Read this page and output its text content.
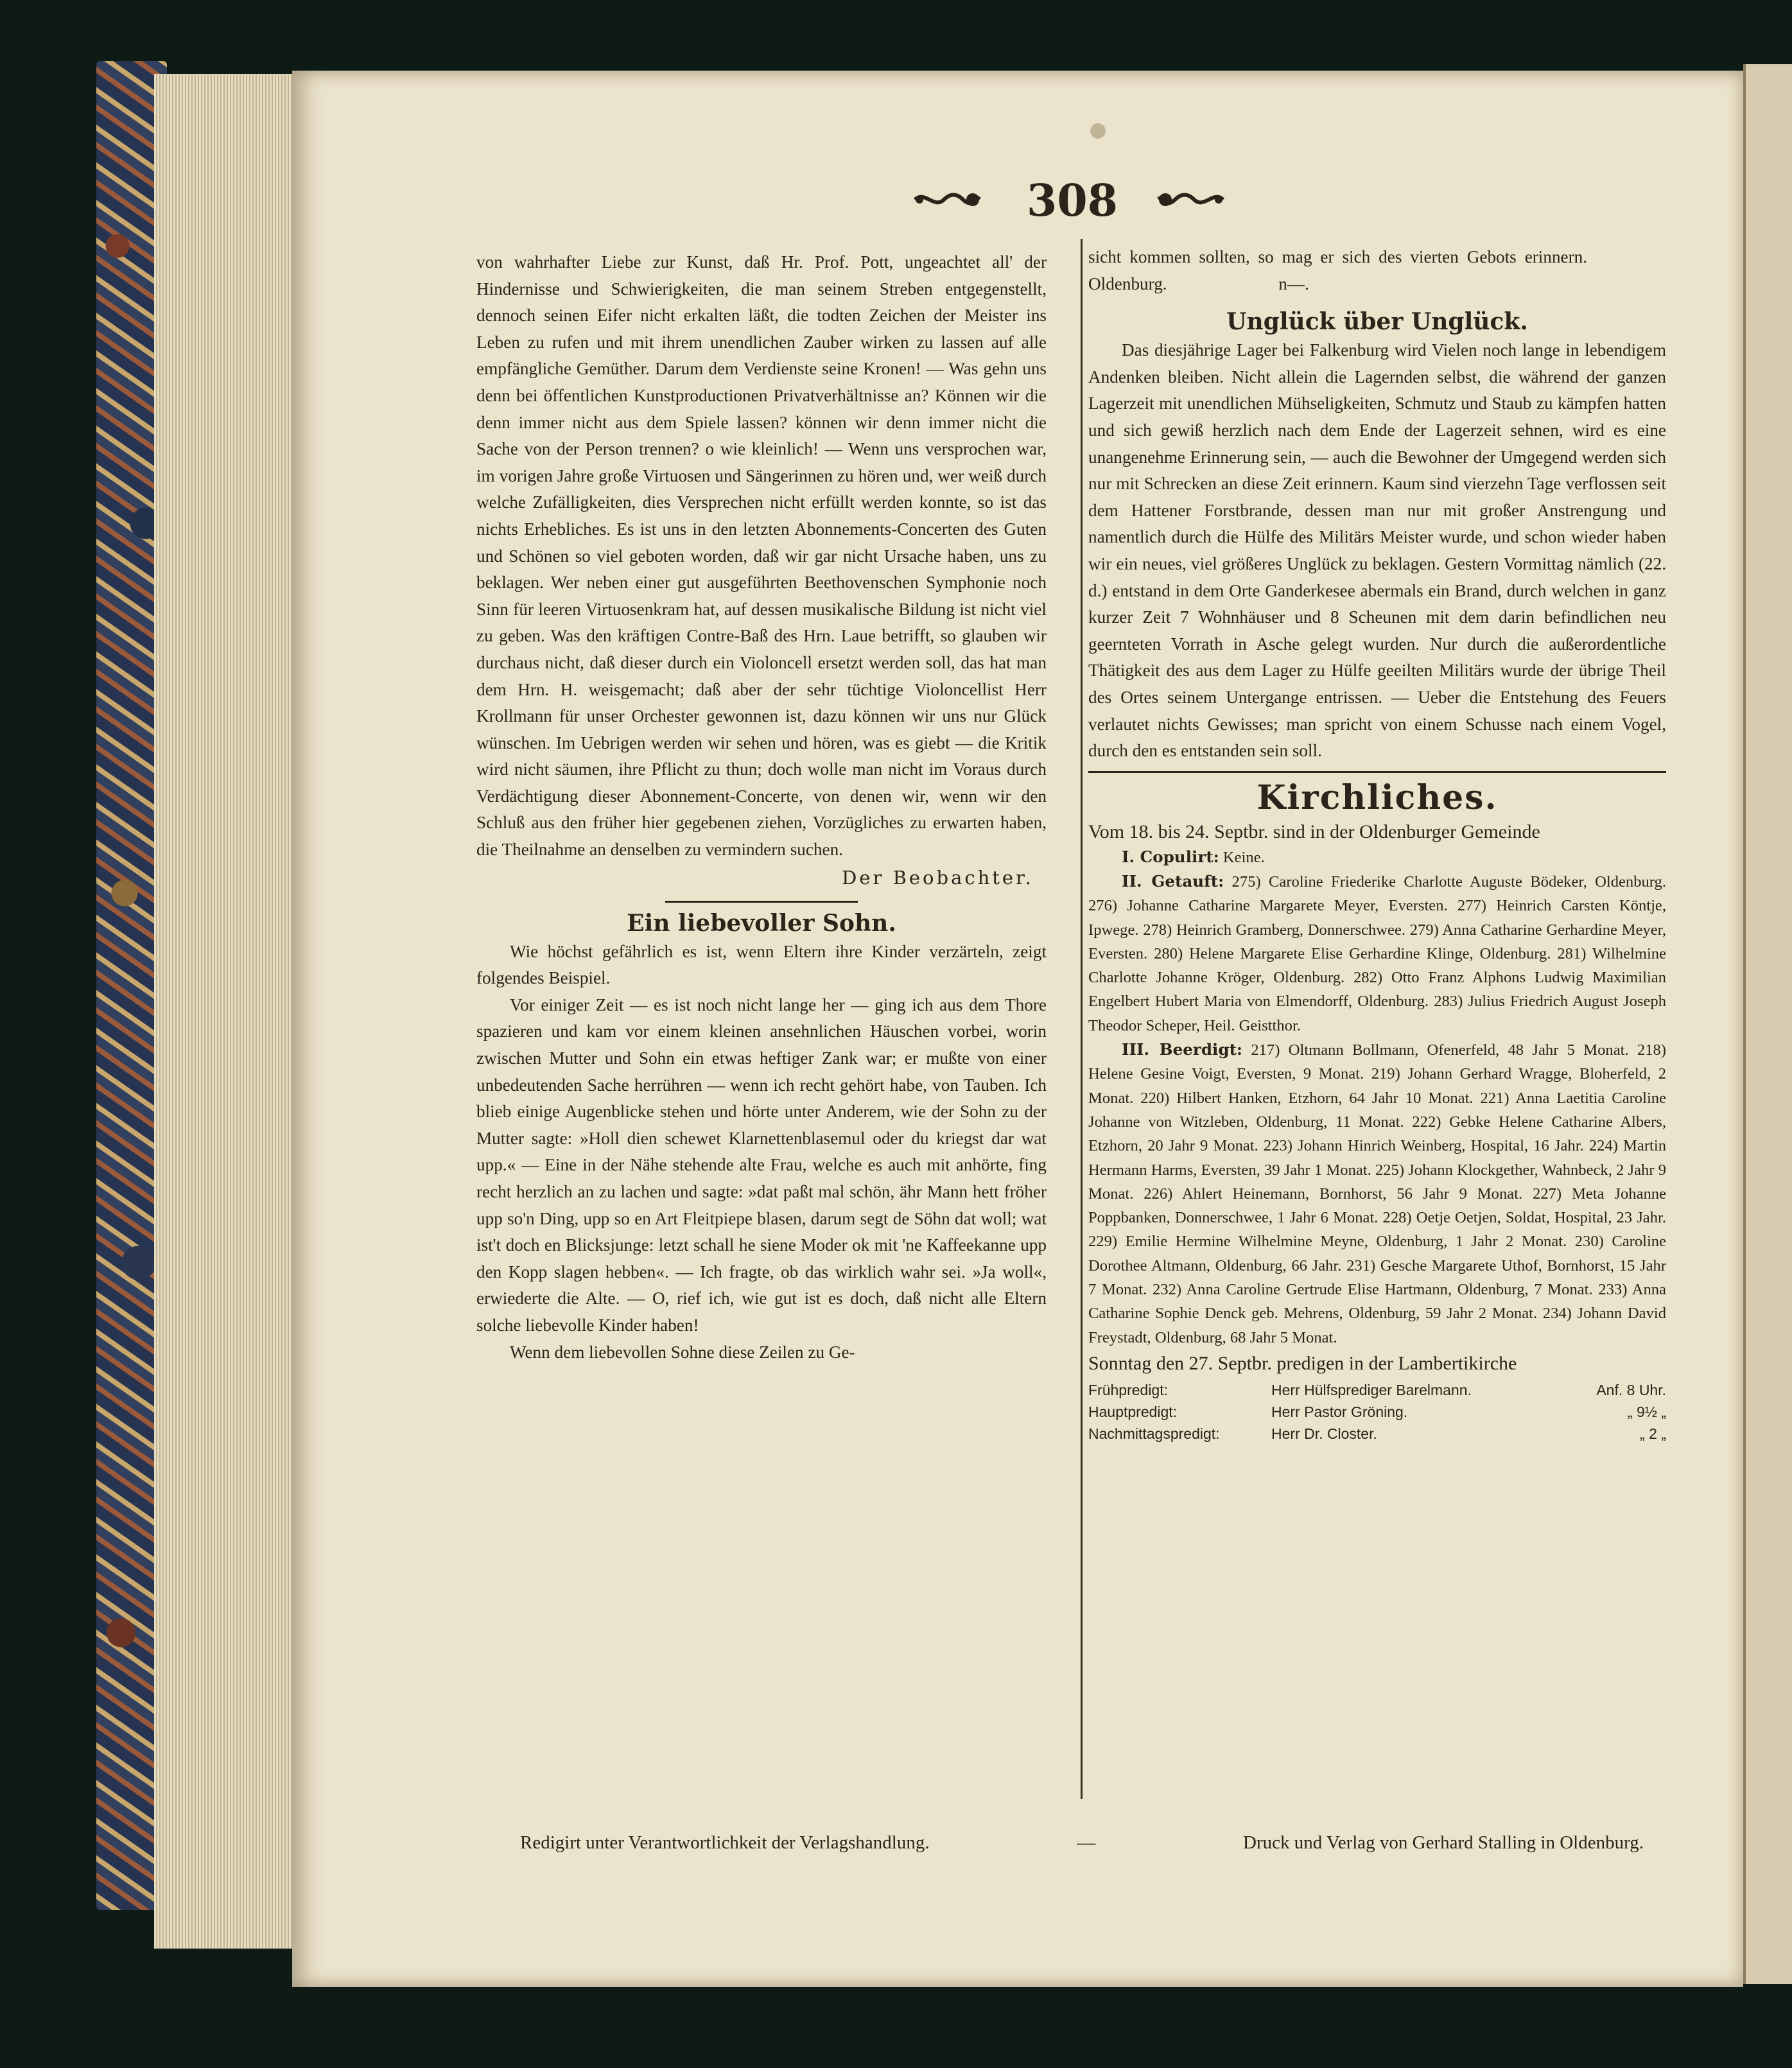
308

von wahrhafter Liebe zur Kunst, daß Hr. Prof. Pott, ungeachtet all' der Hindernisse und Schwierigkeiten, die man seinem Streben entgegenstellt, dennoch seinen Eifer nicht erkalten läßt, die todten Zeichen der Meister ins Leben zu rufen und mit ihrem unendlichen Zauber wirken zu lassen auf alle empfängliche Gemüther. Darum dem Verdienste seine Kronen! — Was gehn uns denn bei öffentlichen Kunstproductionen Privatverhältnisse an? Können wir die denn immer nicht aus dem Spiele lassen? können wir denn immer nicht die Sache von der Person trennen? o wie kleinlich! — Wenn uns versprochen war, im vorigen Jahre große Virtuosen und Sängerinnen zu hören und, wer weiß durch welche Zufälligkeiten, dies Versprechen nicht erfüllt werden konnte, so ist das nichts Erhebliches. Es ist uns in den letzten Abonnements-Concerten des Guten und Schönen so viel geboten worden, daß wir gar nicht Ursache haben, uns zu beklagen. Wer neben einer gut ausgeführten Beethovenschen Symphonie noch Sinn für leeren Virtuosenkram hat, auf dessen musikalische Bildung ist nicht viel zu geben. Was den kräftigen Contre-Baß des Hrn. Laue betrifft, so glauben wir durchaus nicht, daß dieser durch ein Violoncell ersetzt werden soll, das hat man dem Hrn. H. weisgemacht; daß aber der sehr tüchtige Violoncellist Herr Krollmann für unser Orchester gewonnen ist, dazu können wir uns nur Glück wünschen. Im Uebrigen werden wir sehen und hören, was es giebt — die Kritik wird nicht säumen, ihre Pflicht zu thun; doch wolle man nicht im Voraus durch Verdächtigung dieser Abonnement-Concerte, von denen wir, wenn wir den Schluß aus den früher hier gegebenen ziehen, Vorzügliches zu erwarten haben, die Theilnahme an denselben zu vermindern suchen.

Der Beobachter.

Ein liebevoller Sohn.

Wie höchst gefährlich es ist, wenn Eltern ihre Kinder verzärteln, zeigt folgendes Beispiel.

Vor einiger Zeit — es ist noch nicht lange her — ging ich aus dem Thore spazieren und kam vor einem kleinen ansehnlichen Häuschen vorbei, worin zwischen Mutter und Sohn ein etwas heftiger Zank war; er mußte von einer unbedeutenden Sache herrühren — wenn ich recht gehört habe, von Tauben. Ich blieb einige Augenblicke stehen und hörte unter Anderem, wie der Sohn zu der Mutter sagte: »Holl dien schewet Klarnettenblasemul oder du kriegst dar wat upp.« — Eine in der Nähe stehende alte Frau, welche es auch mit anhörte, fing recht herzlich an zu lachen und sagte: »dat paßt mal schön, ähr Mann hett fröher upp so'n Ding, upp so en Art Fleitpiepe blasen, darum segt de Söhn dat woll; wat ist't doch en Blicksjunge: letzt schall he siene Moder ok mit 'ne Kaffeekanne upp den Kopp slagen hebben«. — Ich fragte, ob das wirklich wahr sei. »Ja woll«, erwiederte die Alte. — O, rief ich, wie gut ist es doch, daß nicht alle Eltern solche liebevolle Kinder haben!

Wenn dem liebevollen Sohne diese Zeilen zu Ge-

sicht kommen sollten, so mag er sich des vierten Gebots erinnern.  Oldenburg.	n—.

Unglück über Unglück.

Das diesjährige Lager bei Falkenburg wird Vielen noch lange in lebendigem Andenken bleiben. Nicht allein die Lagernden selbst, die während der ganzen Lagerzeit mit unendlichen Mühseligkeiten, Schmutz und Staub zu kämpfen hatten und sich gewiß herzlich nach dem Ende der Lagerzeit sehnen, wird es eine unangenehme Erinnerung sein, — auch die Bewohner der Umgegend werden sich nur mit Schrecken an diese Zeit erinnern. Kaum sind vierzehn Tage verflossen seit dem Hattener Forstbrande, dessen man nur mit großer Anstrengung und namentlich durch die Hülfe des Militärs Meister wurde, und schon wieder haben wir ein neues, viel größeres Unglück zu beklagen. Gestern Vormittag nämlich (22. d.) entstand in dem Orte Ganderkesee abermals ein Brand, durch welchen in ganz kurzer Zeit 7 Wohnhäuser und 8 Scheunen mit dem darin befindlichen neu geernteten Vorrath in Asche gelegt wurden. Nur durch die außerordentliche Thätigkeit des aus dem Lager zu Hülfe geeilten Militärs wurde der übrige Theil des Ortes seinem Untergange entrissen. — Ueber die Entstehung des Feuers verlautet nichts Gewisses; man spricht von einem Schusse nach einem Vogel, durch den es entstanden sein soll.

Kirchliches.

Vom 18. bis 24. Septbr. sind in der Oldenburger Gemeinde

I. Copulirt: Keine.

II. Getauft: 275) Caroline Friederike Charlotte Auguste Bödeker, Oldenburg. 276) Johanne Catharine Margarete Meyer, Eversten. 277) Heinrich Carsten Köntje, Ipwege. 278) Heinrich Gramberg, Donnerschwee. 279) Anna Catharine Gerhardine Meyer, Eversten. 280) Helene Margarete Elise Gerhardine Klinge, Oldenburg. 281) Wilhelmine Charlotte Johanne Kröger, Oldenburg. 282) Otto Franz Alphons Ludwig Maximilian Engelbert Hubert Maria von Elmendorff, Oldenburg. 283) Julius Friedrich August Joseph Theodor Scheper, Heil. Geistthor.

III. Beerdigt: 217) Oltmann Bollmann, Ofenerfeld, 48 Jahr 5 Monat. 218) Helene Gesine Voigt, Eversten, 9 Monat. 219) Johann Gerhard Wragge, Bloherfeld, 2 Monat. 220) Hilbert Hanken, Etzhorn, 64 Jahr 10 Monat. 221) Anna Laetitia Caroline Johanne von Witzleben, Oldenburg, 11 Monat. 222) Gebke Helene Catharine Albers, Etzhorn, 20 Jahr 9 Monat. 223) Johann Hinrich Weinberg, Hospital, 16 Jahr. 224) Martin Hermann Harms, Eversten, 39 Jahr 1 Monat. 225) Johann Klockgether, Wahnbeck, 2 Jahr 9 Monat. 226) Ahlert Heinemann, Bornhorst, 56 Jahr 9 Monat. 227) Meta Johanne Poppbanken, Donnerschwee, 1 Jahr 6 Monat. 228) Oetje Oetjen, Soldat, Hospital, 23 Jahr. 229) Emilie Hermine Wilhelmine Meyne, Oldenburg, 1 Jahr 2 Monat. 230) Caroline Dorothee Altmann, Oldenburg, 66 Jahr. 231) Gesche Margarete Uthof, Bornhorst, 15 Jahr 7 Monat. 232) Anna Caroline Gertrude Elise Hartmann, Oldenburg, 7 Monat. 233) Anna Catharine Sophie Denck geb. Mehrens, Oldenburg, 59 Jahr 2 Monat. 234) Johann David Freystadt, Oldenburg, 68 Jahr 5 Monat.

Sonntag den 27. Septbr. predigen in der Lambertikirche

Frühpredigt:	Herr Hülfsprediger Barelmann.	Anf. 8 Uhr.
Hauptpredigt:	Herr Pastor Gröning.	„ 9½ „
Nachmittagspredigt:	Herr Dr. Closter.	„ 2 „
Redigirt unter Verantwortlichkeit der Verlagshandlung.	—	Druck und Verlag von Gerhard Stalling in Oldenburg.
